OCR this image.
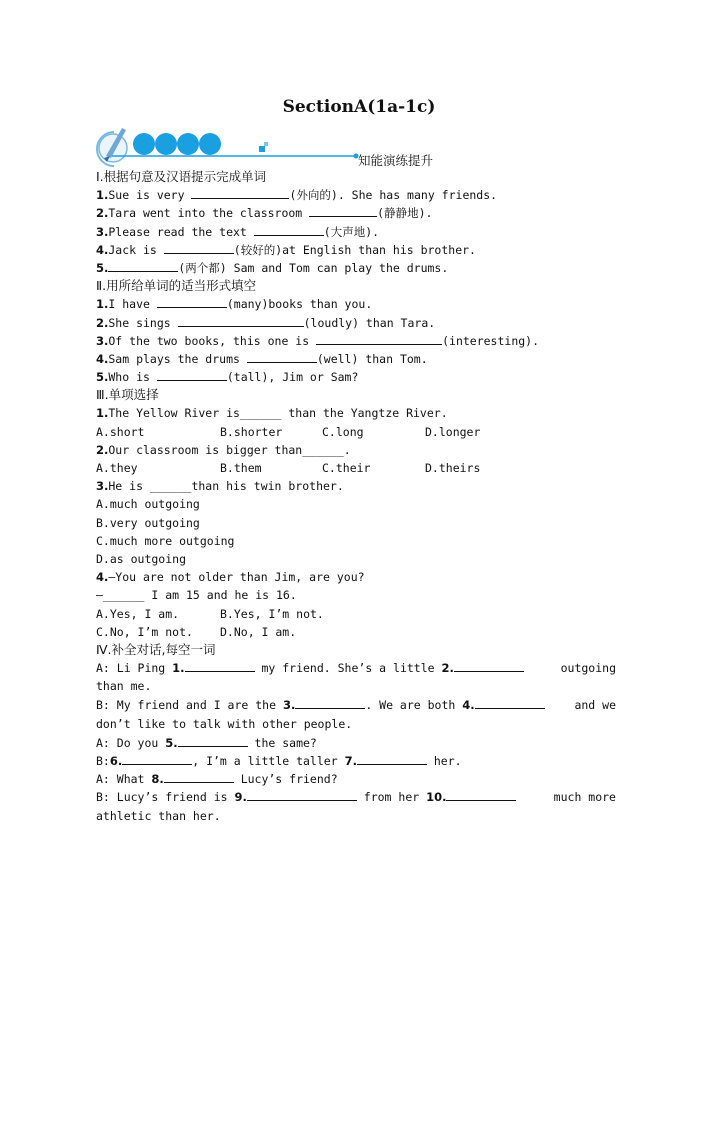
SectionA(1a-1c)
知能演练提升
Ⅰ.根据句意及汉语提示完成单词
1.Sue is very	(外向的). She has many friends.
2.Tara went into the classroom	(静静地).
3.Please read the text	(大声地).
4.Jack is	(较好的)at English than his brother.
5.	(两个都) Sam and Tom can play the drums.
Ⅱ.用所给单词的适当形式填空
1.I have	(many)books than you.
2.She sings	(loudly) than Tara.
3.Of the two books, this one is	(interesting).
4.Sam plays the drums	(well) than Tom.
5.Who is	(tall), Jim or Sam?
Ⅲ.单项选择
1.The Yellow River is______ than the Yangtze River.
A.short	B.shorter	C.long	D.longer
2.Our classroom is bigger than______.
A.they	B.them	C.their	D.theirs
3.He is ______than his twin brother.
A.much outgoing
B.very outgoing
C.much more outgoing
D.as outgoing
4.—You are not older than Jim, are you?
—______ I am 15 and he is 16.
A.Yes, I am.	B.Yes, I’m not.
C.No, I’m not.	D.No, I am.
Ⅳ.补全对话,每空一词
A: Li Ping 1.	my friend. She’s a little 2.	outgoing
than me.
B: My friend and I are the 3.	. We are both 4.	and we
don’t like to talk with other people.
A: Do you 5.	the same?
B:6.	, I’m a little taller 7.	her.
A: What 8.	Lucy’s friend?
B: Lucy’s friend is 9.	from her 10.	much more
athletic than her.
